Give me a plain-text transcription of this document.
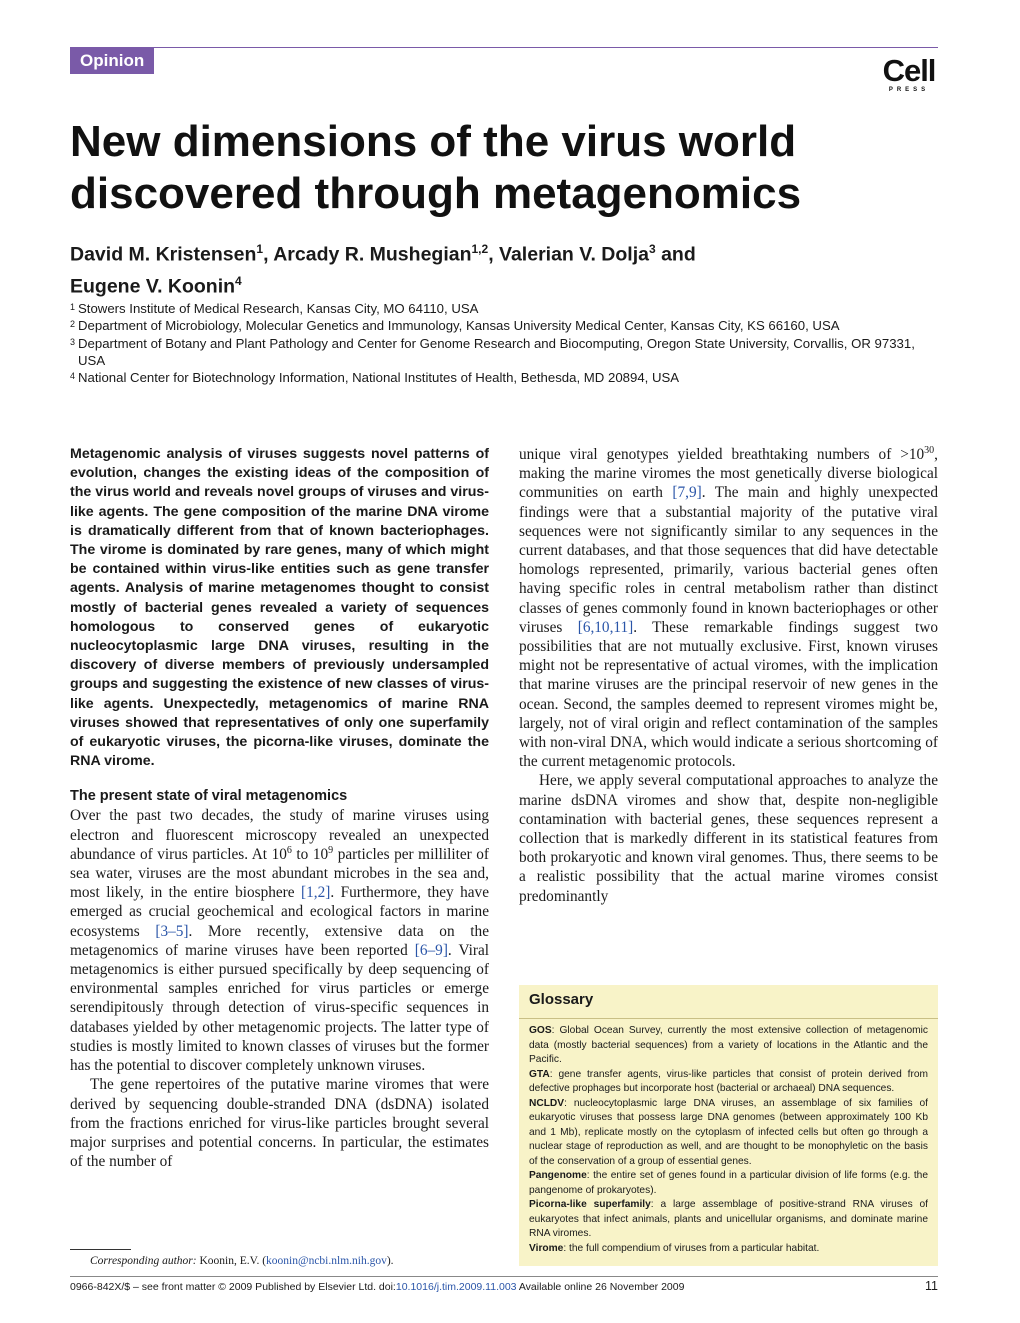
Opinion	Cell
PRESS
New dimensions of the virus world discovered through metagenomics
David M. Kristensen$^1$, Arcady R. Mushegian$^{1,2}$, Valerian V. Dolja$^3$ and
Eugene V. Koonin$^4$
1 Stowers Institute of Medical Research, Kansas City, MO 64110, USA
2 Department of Microbiology, Molecular Genetics and Immunology, Kansas University Medical Center, Kansas City, KS 66160, USA
3 Department of Botany and Plant Pathology and Center for Genome Research and Biocomputing, Oregon State University, Corvallis, OR 97331, USA
4 National Center for Biotechnology Information, National Institutes of Health, Bethesda, MD 20894, USA
Metagenomic analysis of viruses suggests novel patterns of evolution, changes the existing ideas of the composition of the virus world and reveals novel groups of viruses and virus-like agents. The gene composition of the marine DNA virome is dramatically different from that of known bacteriophages. The virome is dominated by rare genes, many of which might be contained within virus-like entities such as gene transfer agents. Analysis of marine metagenomes thought to consist mostly of bacterial genes revealed a variety of sequences homologous to conserved genes of eukaryotic nucleocytoplasmic large DNA viruses, resulting in the discovery of diverse members of previously undersampled groups and suggesting the existence of new classes of virus-like agents. Unexpectedly, metagenomics of marine RNA viruses showed that representatives of only one superfamily of eukaryotic viruses, the picorna-like viruses, dominate the RNA virome.
The present state of viral metagenomics

Over the past two decades, the study of marine viruses using electron and fluorescent microscopy revealed an unexpected abundance of virus particles. At $10^6$ to $10^9$ particles per milliliter of sea water, viruses are the most abundant microbes in the sea and, most likely, in the entire biosphere [1,2]. Furthermore, they have emerged as crucial geochemical and ecological factors in marine ecosystems [3–5]. More recently, extensive data on the metagenomics of marine viruses have been reported [6–9]. Viral metagenomics is either pursued specifically by deep sequencing of environmental samples enriched for virus particles or emerge serendipitously through detection of virus-specific sequences in databases yielded by other metagenomic projects. The latter type of studies is mostly limited to known classes of viruses but the former has the potential to discover completely unknown viruses.

The gene repertoires of the putative marine viromes that were derived by sequencing double-stranded DNA (dsDNA) isolated from the fractions enriched for virus-like particles brought several major surprises and potential concerns. In particular, the estimates of the number of

unique viral genotypes yielded breathtaking numbers of $>10^{30}$, making the marine viromes the most genetically diverse biological communities on earth [7,9]. The main and highly unexpected findings were that a substantial majority of the putative viral sequences were not significantly similar to any sequences in the current databases, and that those sequences that did have detectable homologs represented, primarily, various bacterial genes often having specific roles in central metabolism rather than distinct classes of genes commonly found in known bacteriophages or other viruses [6,10,11]. These remarkable findings suggest two possibilities that are not mutually exclusive. First, known viruses might not be representative of actual viromes, with the implication that marine viruses are the principal reservoir of new genes in the ocean. Second, the samples deemed to represent viromes might be, largely, not of viral origin and reflect contamination of the samples with non-viral DNA, which would indicate a serious shortcoming of the current metagenomic protocols.

Here, we apply several computational approaches to analyze the marine dsDNA viromes and show that, despite non-negligible contamination with bacterial genes, these sequences represent a collection that is markedly different in its statistical features from both prokaryotic and known viral genomes. Thus, there seems to be a realistic possibility that the actual marine viromes consist predominantly

Glossary
GOS: Global Ocean Survey, currently the most extensive collection of metagenomic data (mostly bacterial sequences) from a variety of locations in the Atlantic and the Pacific.
GTA: gene transfer agents, virus-like particles that consist of protein derived from defective prophages but incorporate host (bacterial or archaeal) DNA sequences.
NCLDV: nucleocytoplasmic large DNA viruses, an assemblage of six families of eukaryotic viruses that possess large DNA genomes (between approximately 100 Kb and 1 Mb), replicate mostly on the cytoplasm of infected cells but often go through a nuclear stage of reproduction as well, and are thought to be monophyletic on the basis of the conservation of a group of essential genes.
Pangenome: the entire set of genes found in a particular division of life forms (e.g. the pangenome of prokaryotes).
Picorna-like superfamily: a large assemblage of positive-strand RNA viruses of eukaryotes that infect animals, plants and unicellular organisms, and dominate marine RNA viromes.
Virome: the full compendium of viruses from a particular habitat.
Corresponding author: Koonin, E.V. (koonin@ncbi.nlm.nih.gov).
0966-842X/$ – see front matter © 2009 Published by Elsevier Ltd. doi:10.1016/j.tim.2009.11.003 Available online 26 November 2009	11
